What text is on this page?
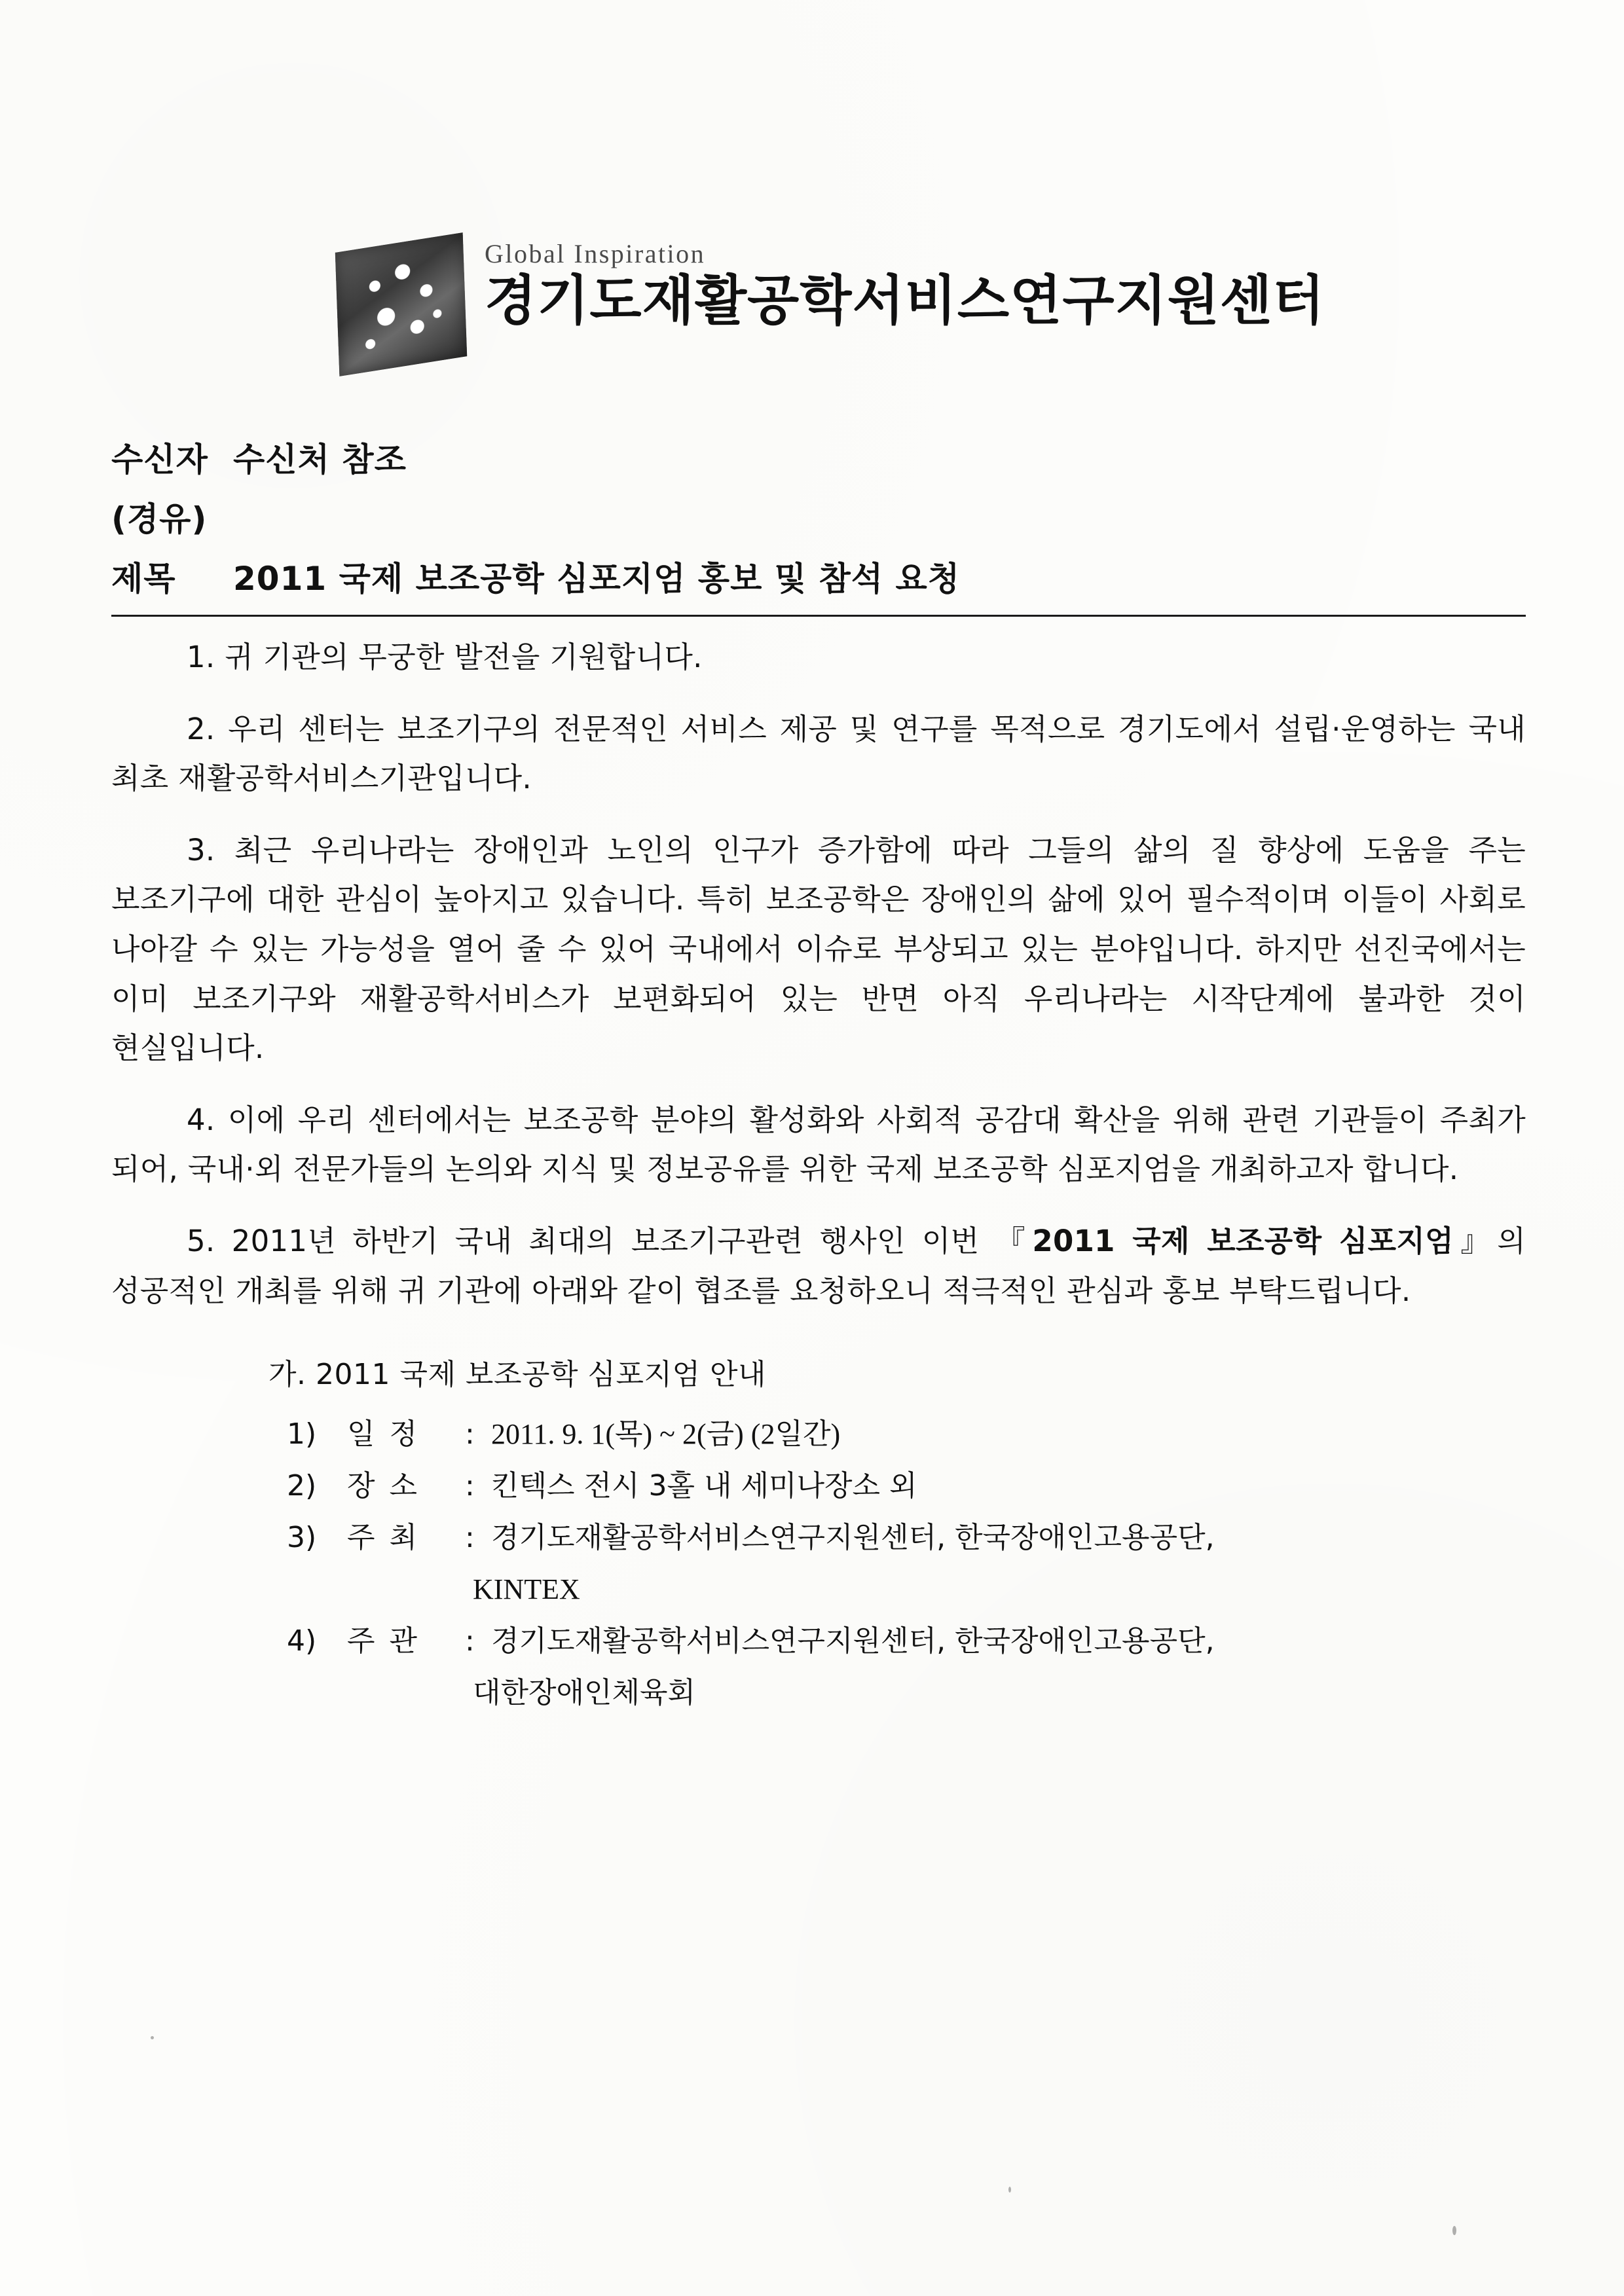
Global Inspiration
경기도재활공학서비스연구지원센터
수신자 수신처 참조
(경유)
제목 2011 국제 보조공학 심포지엄 홍보 및 참석 요청

1. 귀 기관의 무궁한 발전을 기원합니다.

2. 우리 센터는 보조기구의 전문적인 서비스 제공 및 연구를 목적으로 경기도에서 설립·운영하는 국내 최초 재활공학서비스기관입니다.

3. 최근 우리나라는 장애인과 노인의 인구가 증가함에 따라 그들의 삶의 질 향상에 도움을 주는 보조기구에 대한 관심이 높아지고 있습니다. 특히 보조공학은 장애인의 삶에 있어 필수적이며 이들이 사회로 나아갈 수 있는 가능성을 열어 줄 수 있어 국내에서 이슈로 부상되고 있는 분야입니다. 하지만 선진국에서는 이미 보조기구와 재활공학서비스가 보편화되어 있는 반면 아직 우리나라는 시작단계에 불과한 것이 현실입니다.

4. 이에 우리 센터에서는 보조공학 분야의 활성화와 사회적 공감대 확산을 위해 관련 기관들이 주최가 되어, 국내·외 전문가들의 논의와 지식 및 정보공유를 위한 국제 보조공학 심포지엄을 개최하고자 합니다.

5. 2011년 하반기 국내 최대의 보조기구관련 행사인 이번 『2011 국제 보조공학 심포지엄』의 성공적인 개최를 위해 귀 기관에 아래와 같이 협조를 요청하오니 적극적인 관심과 홍보 부탁드립니다.

가. 2011 국제 보조공학 심포지엄 안내
1)	일정	: 2011. 9. 1(목) ~ 2(금) (2일간)
2)	장소	: 킨텍스 전시 3홀 내 세미나장소 외
3)	주최	: 경기도재활공학서비스연구지원센터, 한국장애인고용공단,
KINTEX
4)	주관	: 경기도재활공학서비스연구지원센터, 한국장애인고용공단,
대한장애인체육회
